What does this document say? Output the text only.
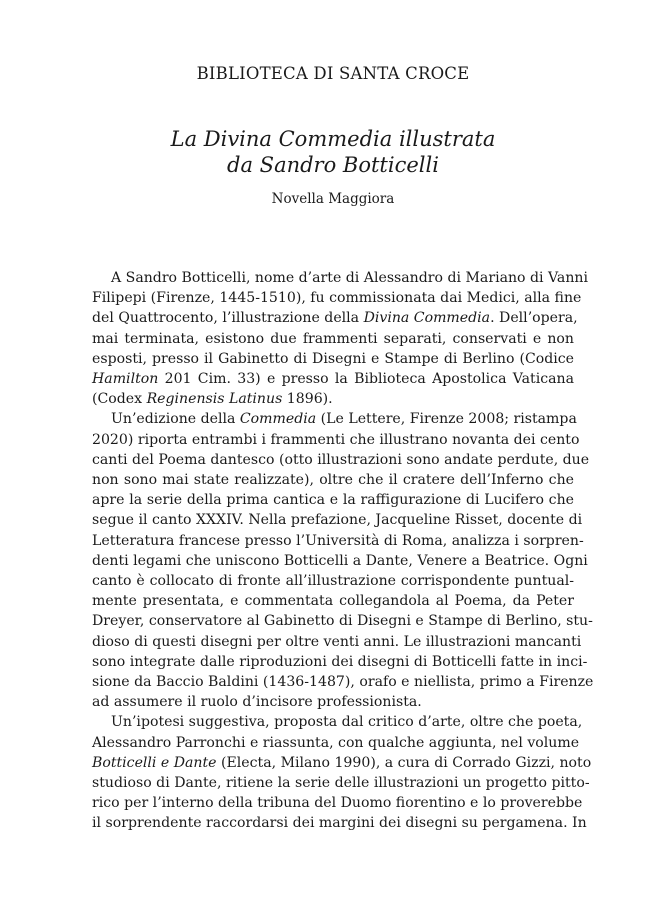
BIBLIOTECA DI SANTA CROCE
La Divina Commedia illustrata
da Sandro Botticelli
Novella Maggiora

A Sandro Botticelli, nome d’arte di Alessandro di Mariano di Vanni
Filipepi (Firenze, 1445-1510), fu commissionata dai Medici, alla fine
del Quattrocento, l’illustrazione della Divina Commedia. Dell’opera,
mai terminata, esistono due frammenti separati, conservati e non
esposti, presso il Gabinetto di Disegni e Stampe di Berlino (Codice
Hamilton 201 Cim. 33) e presso la Biblioteca Apostolica Vaticana
(Codex Reginensis Latinus 1896).

Un’edizione della Commedia (Le Lettere, Firenze 2008; ristampa
2020) riporta entrambi i frammenti che illustrano novanta dei cento
canti del Poema dantesco (otto illustrazioni sono andate perdute, due
non sono mai state realizzate), oltre che il cratere dell’Inferno che
apre la serie della prima cantica e la raffigurazione di Lucifero che
segue il canto XXXIV. Nella prefazione, Jacqueline Risset, docente di
Letteratura francese presso l’Università di Roma, analizza i sorpren-
denti legami che uniscono Botticelli a Dante, Venere a Beatrice. Ogni
canto è collocato di fronte all’illustrazione corrispondente puntual-
mente presentata, e commentata collegandola al Poema, da Peter
Dreyer, conservatore al Gabinetto di Disegni e Stampe di Berlino, stu-
dioso di questi disegni per oltre venti anni. Le illustrazioni mancanti
sono integrate dalle riproduzioni dei disegni di Botticelli fatte in inci-
sione da Baccio Baldini (1436-1487), orafo e niellista, primo a Firenze
ad assumere il ruolo d’incisore professionista.

Un’ipotesi suggestiva, proposta dal critico d’arte, oltre che poeta,
Alessandro Parronchi e riassunta, con qualche aggiunta, nel volume
Botticelli e Dante (Electa, Milano 1990), a cura di Corrado Gizzi, noto
studioso di Dante, ritiene la serie delle illustrazioni un progetto pitto-
rico per l’interno della tribuna del Duomo fiorentino e lo proverebbe
il sorprendente raccordarsi dei margini dei disegni su pergamena. In
